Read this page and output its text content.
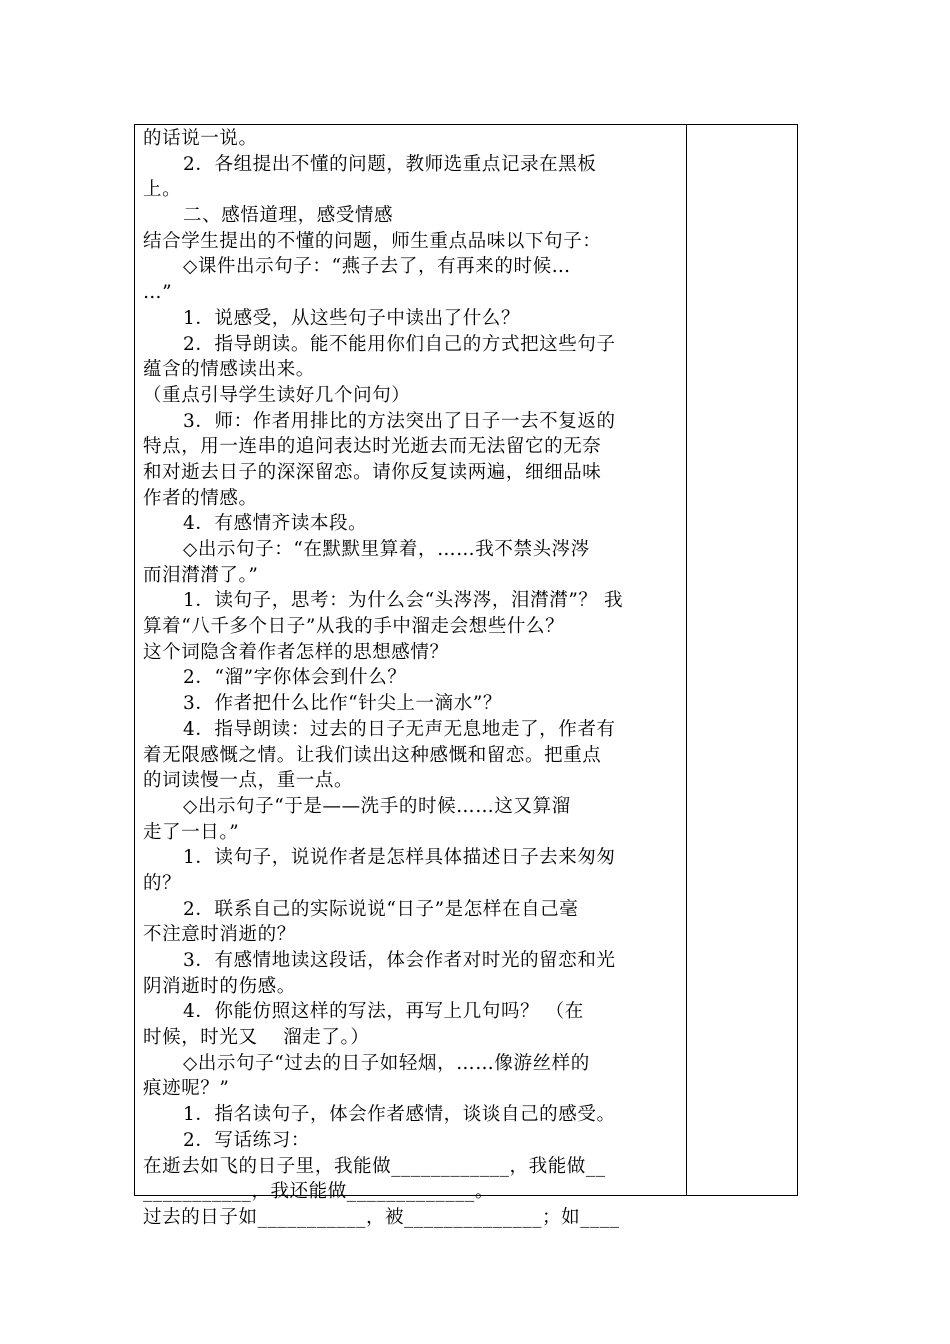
的话说一说。
2．各组提出不懂的问题，教师选重点记录在黑板
上。
二、感悟道理，感受情感
结合学生提出的不懂的问题，师生重点品味以下句子：
◇课件出示句子：“燕子去了，有再来的时候…
…”
1．说感受，从这些句子中读出了什么？
2．指导朗读。能不能用你们自己的方式把这些句子
蕴含的情感读出来。
（重点引导学生读好几个问句）
3．师：作者用排比的方法突出了日子一去不复返的
特点，用一连串的追问表达时光逝去而无法留它的无奈
和对逝去日子的深深留恋。请你反复读两遍，细细品味
作者的情感。
4．有感情齐读本段。
◇出示句子：“在默默里算着，……我不禁头涔涔
而泪潸潸了。”
1．读句子，思考：为什么会“头涔涔，泪潸潸”？ 我
算着“八千多个日子”从我的手中溜走会想些什么？
这个词隐含着作者怎样的思想感情？
2．“溜”字你体会到什么？
3．作者把什么比作“针尖上一滴水”？
4．指导朗读：过去的日子无声无息地走了，作者有
着无限感慨之情。让我们读出这种感慨和留恋。把重点
的词读慢一点，重一点。
◇出示句子“于是——洗手的时候……这又算溜
走了一日。”
1．读句子，说说作者是怎样具体描述日子去来匆匆
的？
2．联系自己的实际说说“日子”是怎样在自己毫
不注意时消逝的？
3．有感情地读这段话，体会作者对时光的留恋和光
阴消逝时的伤感。
4．你能仿照这样的写法，再写上几句吗？ （在
时候，时光又　 溜走了。）
◇出示句子“过去的日子如轻烟，……像游丝样的
痕迹呢？”
1．指名读句子，体会作者感情，谈谈自己的感受。
2．写话练习：
在逝去如飞的日子里，我能做____________，我能做__
___________，我还能做_____________。
过去的日子如___________，被______________；如____
